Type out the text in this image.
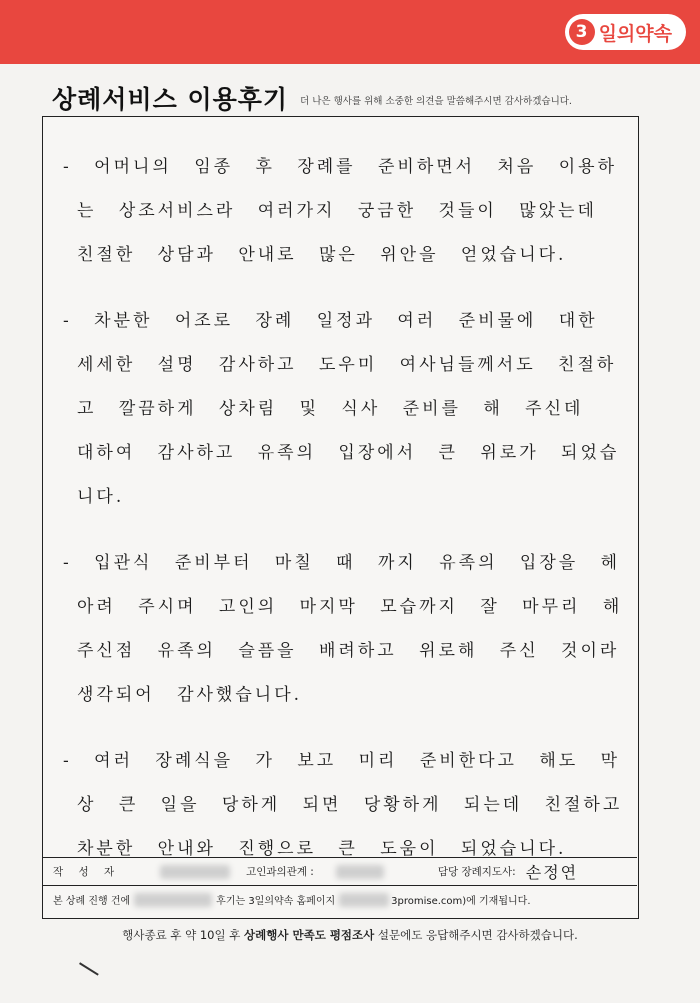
3 일의약속
상례서비스 이용후기 더 나은 행사를 위해 소중한 의견을 말씀해주시면 감사하겠습니다.

- 어머니의 임종 후 장례를 준비하면서 처음 이용하는 상조서비스라 여러가지 궁금한 것들이 많았는데 친절한 상담과 안내로 많은 위안을 얻었습니다.

- 차분한 어조로 장례 일정과 여러 준비물에 대한 세세한 설명 감사하고 도우미 여사님들께서도 친절하고 깔끔하게 상차림 및 식사 준비를 해 주신데 대하여 감사하고 유족의 입장에서 큰 위로가 되었습니다.

- 입관식 준비부터 마칠 때 까지 유족의 입장을 헤아려 주시며 고인의 마지막 모습까지 잘 마무리 해 주신점 유족의 슬픔을 배려하고 위로해 주신 것이라 생각되어 감사했습니다.

- 여러 장례식을 가 보고 미리 준비한다고 해도 막상 큰 일을 당하게 되면 당황하게 되는데 친절하고 차분한 안내와 진행으로 큰 도움이 되었습니다.

작 성 자	고인과의관계 :	담당 장례지도사: 손정연
본 상례 진행 건에	후기는 3일의약속 홈페이지	3promise.com)에 기재됩니다.
행사종료 후 약 10일 후 상례행사 만족도 평점조사 설문에도 응답해주시면 감사하겠습니다.
